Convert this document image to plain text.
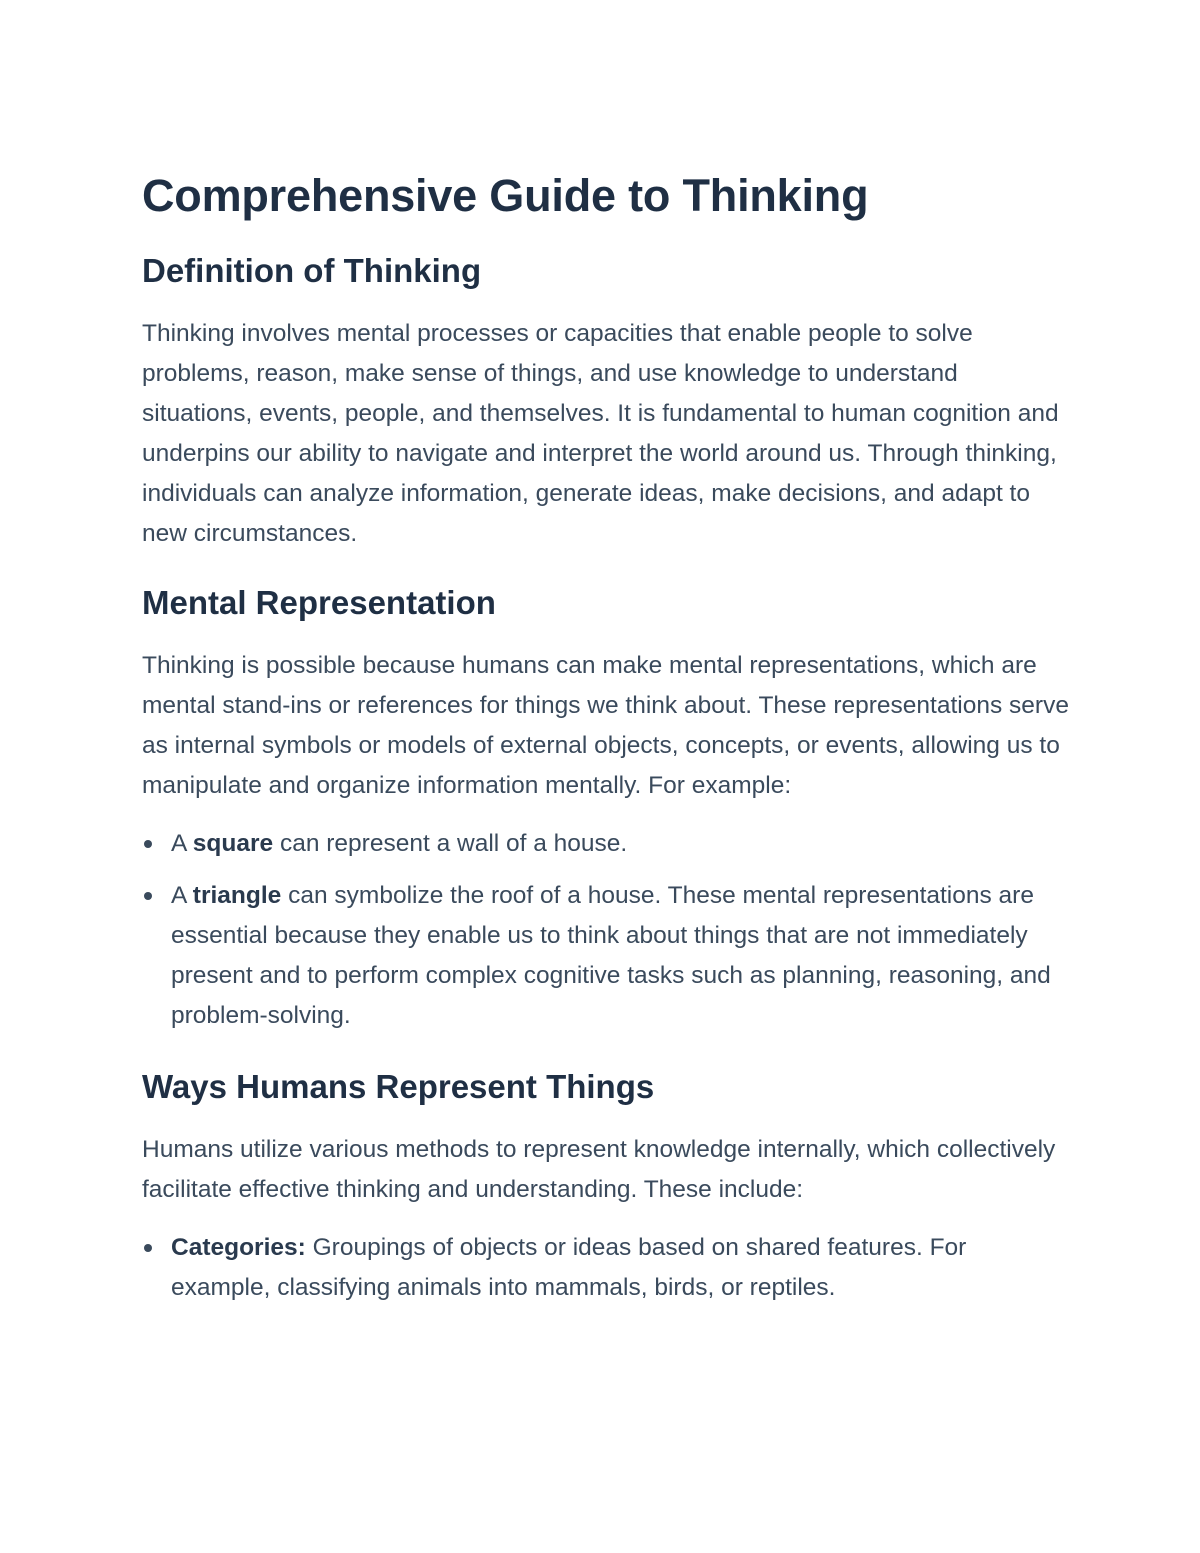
Comprehensive Guide to Thinking
Definition of Thinking

Thinking involves mental processes or capacities that enable people to solve problems, reason, make sense of things, and use knowledge to understand situations, events, people, and themselves. It is fundamental to human cognition and underpins our ability to navigate and interpret the world around us. Through thinking, individuals can analyze information, generate ideas, make decisions, and adapt to new circumstances.

Mental Representation

Thinking is possible because humans can make mental representations, which are mental stand-ins or references for things we think about. These representations serve as internal symbols or models of external objects, concepts, or events, allowing us to manipulate and organize information mentally. For example:

A square can represent a wall of a house.
A triangle can symbolize the roof of a house. These mental representations are essential because they enable us to think about things that are not immediately present and to perform complex cognitive tasks such as planning, reasoning, and problem-solving.
Ways Humans Represent Things

Humans utilize various methods to represent knowledge internally, which collectively facilitate effective thinking and understanding. These include:

Categories: Groupings of objects or ideas based on shared features. For example, classifying animals into mammals, birds, or reptiles.
